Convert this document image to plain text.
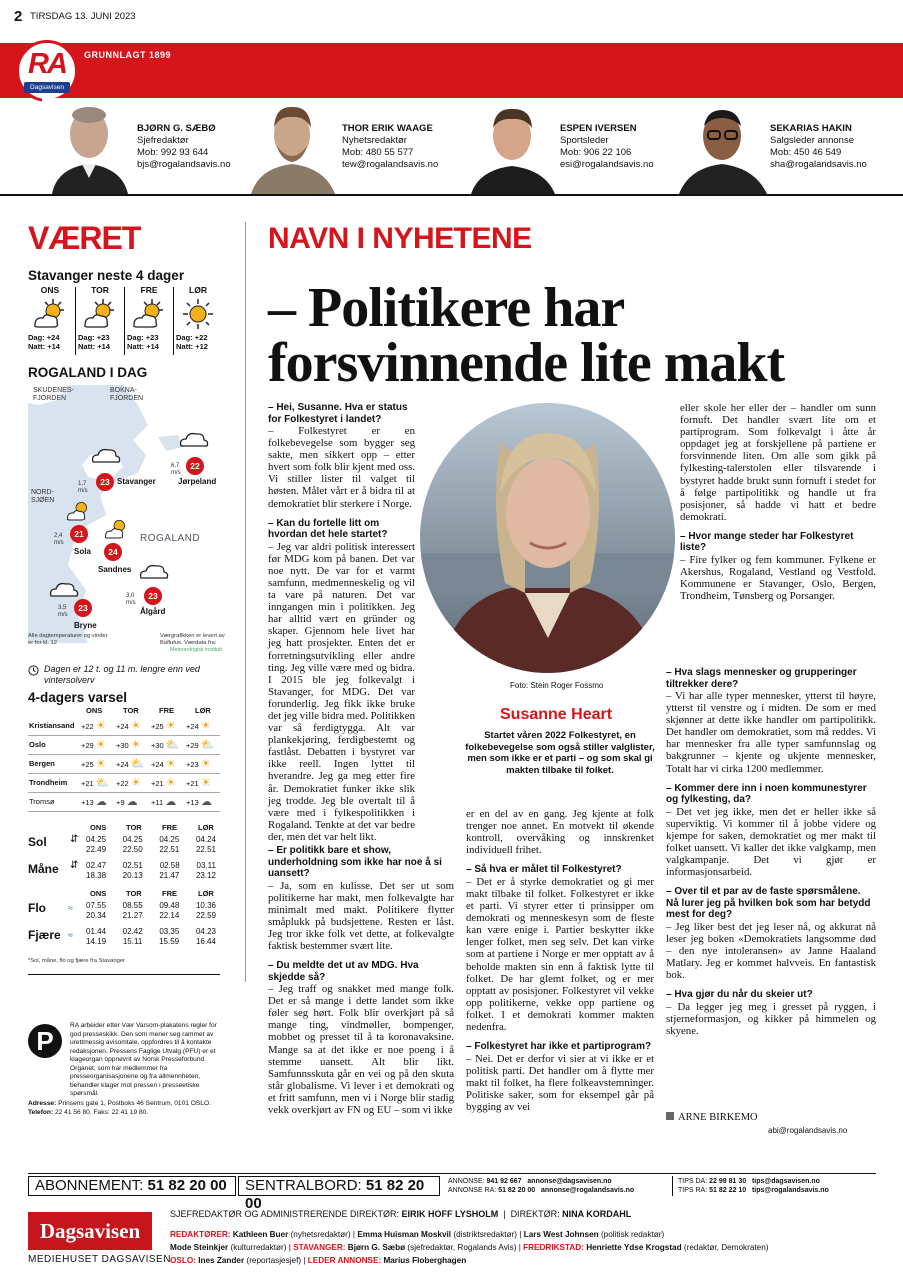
2 TIRSDAG 13. JUNI 2023
RA
Dagsavisen
GRUNNLAGT 1899
BJØRN G. SÆBØ
Sjefredaktør
Mob: 992 93 644
bjs@rogalandsavis.no
THOR ERIK WAAGE
Nyhetsredaktør
Mob: 480 55 577
tew@rogalandsavis.no
ESPEN IVERSEN
Sportsleder
Mob: 906 22 106
esi@rogalandsavis.no
SEKARIAS HAKIN
Salgsleder annonse
Mob: 450 46 549
sha@rogalandsavis.no
VÆRET
Stavanger neste 4 dager
ONS
Dag: +24
Natt: +14
TOR
Dag: +23
Natt: +14
FRE
Dag: +23
Natt: +14
LØR
Dag: +22
Natt: +12
ROGALAND I DAG
SKUDENES-
FJORDEN
BOKNA-
FJORDEN
NORD-
SJØEN
ROGALAND
23 Stavanger
1,7 m/s
22
Jørpeland
6,7 m/s
21
Sola
2,4 m/s
24
Sandnes
23
Bryne
3,5 m/s
23
Ålgård
3,0 m/s
Alle dagtemperaturer og vinder er for kl. 12
Værgrafikken er levert av Baflufus. Værdata fra:
Meteorologisk institutt
Dagen er 12 t. og 11 m. lengre enn ved vintersolverv
4-dagers varsel
ONS	TOR	FRE	LØR
Kristiansand	+22 ☀	+24 ☀	+25 ☀	+24 ☀
Oslo	+29 ☀	+30 ☀	+30 ⛅	+29 ⛅
Bergen	+25 ☀	+24 ⛅	+24 ☀	+23 ☀
Trondheim	+21 ⛅	+22 ☀	+21 ☀	+21 ☀
Tromsø	+13 ☁	+9 ☁	+11 ☁	+13 ☁
ONS	TOR	FRE	LØR
Sol ⇵ 04.25 04.25 04.25 04.24
22.49 22.50 22.51 22.51
Måne ⇵ 02.47 02.51 02.58 03.11
18.38 20.13 21.47 23.12
ONS	TOR	FRE	LØR
Flo ≈ 07.55 08.55 09.48 10.36
20.34 21.27 22.14 22.59
Fjære ≈ 01.44 02.42 03.35 04.23
14.19 15.11 15.59 16.44
*Sol, måne, flo og fjære fra Stavanger
P
RA arbeider etter Vær Varsom-plakatens regler for god presseskikk. Den som mener seg rammet av urettmessig avisomtale, oppfordres til å kontakte redaksjonen. Pressens Faglige Utvalg (PFU) er et klageorgan oppnevnt av Norsk Presseforbund. Organet, som har medlemmer fra presseorganisasjonene og fra allmennheten, behandler klager mot pressen i presseetiske spørsmål.
Adresse: Prinsens gate 1, Postboks 46 Sentrum, 0101 OSLO. Telefon: 22 41 56 80. Faks: 22 41 19 80.
NAVN I NYHETENE
– Politikere har
forsvinnende lite makt
Foto: Stein Roger Fossmo
Susanne Heart
Startet våren 2022 Folkestyret, en folkebevegelse som også stiller valglister, men som ikke er et parti – og som skal gi makten tilbake til folket.

– Hei, Susanne. Hva er status for Folkestyret i landet?

– Folkestyret er en folkebevegelse som bygger seg sakte, men sikkert opp – etter hvert som folk blir kjent med oss. Vi stiller lister til valget til høsten. Målet vårt er å bidra til at demokratiet blir sterkere i Norge.

– Kan du fortelle litt om hvordan det hele startet?

– Jeg var aldri politisk interessert før MDG kom på banen. Det var noe nytt. De var for et varmt samfunn, medmenneskelig og vil ta vare på naturen. Det var inngangen min i politikken. Jeg har alltid vært en gründer og skaper. Gjennom hele livet har jeg hatt prosjekter. Enten det er forretningsutvikling eller andre ting. Jeg ville være med og bidra. I 2015 ble jeg folkevalgt i Stavanger, for MDG. Det var forunderlig. Jeg fikk ikke bruke det jeg ville bidra med. Politikken var så ferdigtygga. Alt var plankekjøring, ferdigbestemt og fastlåst. Debatten i bystyret var ikke reell. Ingen lyttet til hverandre. Jeg ga meg etter fire år. Demokratiet funker ikke slik jeg trodde. Jeg ble overtalt til å være med i fylkespolitikken i Rogaland. Tenkte at det var bedre der, men det var helt likt.

– Er politikk bare et show, underholdning som ikke har noe å si uansett?

– Ja, som en kulisse. Det ser ut som politikerne har makt, men folkevalgte har minimalt med makt. Politikere flytter småplukk på budsjettene. Resten er låst. Jeg tror ikke folk vet dette, at folkevalgte faktisk bestemmer svært lite.

– Du meldte det ut av MDG. Hva skjedde så?

– Jeg traff og snakket med mange folk. Det er så mange i dette landet som ikke føler seg hørt. Folk blir overkjørt på så mange ting, vindmøller, bompenger, mobbet og presset til å ta koronavaksine. Mange sa at det ikke er noe poeng i å stemme uansett. Alt blir likt. Samfunnsskuta går en vei og på den skuta står globalisme. Vi lever i et demokrati og et fritt samfunn, men vi i Norge blir stadig vekk overkjørt av FN og EU – som vi ikke

er en del av en gang. Jeg kjente at folk trenger noe annet. En motvekt til økende kontroll, overvåking og innskrenket individuell frihet.

– Så hva er målet til Folkestyret?

– Det er å styrke demokratiet og gi mer makt tilbake til folket. Folkestyret er ikke et parti. Vi styrer etter ti prinsipper om demokrati og menneskesyn som de fleste kan være enige i. Partier beskytter ikke lenger folket, men seg selv. Det kan virke som at partiene i Norge er mer opptatt av å beholde makten sin enn å faktisk lytte til folket. De har glemt folket, og er mer opptatt av posisjoner. Folkestyret vil vekke opp politikerne, vekke opp partiene og folket. I et demokrati kommer makten nedenfra.

– Folkestyret har ikke et partiprogram?

– Nei. Det er derfor vi sier at vi ikke er et politisk parti. Det handler om å flytte mer makt til folket, ha flere folkeavstemninger. Politiske saker, som for eksempel går på bygging av vei

eller skole her eller der – handler om sunn fornuft. Det handler svært lite om et partiprogram. Som folkevalgt i åtte år oppdaget jeg at forskjellene på partiene er forsvinnende liten. Om alle som gikk på fylkesting-talerstolen eller tilsvarende i bystyret hadde brukt sunn fornuft i stedet for å følge partipolitikk og handle ut fra posisjoner, så hadde vi hatt et bedre demokrati.

– Hvor mange steder har Folkestyret liste?

– Fire fylker og fem kommuner. Fylkene er Akershus, Rogaland, Vestland og Vestfold. Kommunene er Stavanger, Oslo, Bergen, Trondheim, Tønsberg og Porsanger.

– Hva slags mennesker og grupperinger tiltrekker dere?

– Vi har alle typer mennesker, ytterst til høyre, ytterst til venstre og i midten. De som er med skjønner at dette ikke handler om partipolitikk. Det handler om demokratiet, som må reddes. Vi har mennesker fra alle typer samfunnslag og bakgrunner – kjente og ukjente mennesker, Totalt har vi cirka 1200 medlemmer.

– Kommer dere inn i noen kommunestyrer og fylkesting, da?

– Det vet jeg ikke, men det er heller ikke så superviktig. Vi kommer til å jobbe videre og kjempe for saken, demokratiet og mer makt til folket uansett. Vi kaller det ikke valgkamp, men valgkampanje. Det vi gjør er informasjonsarbeid.

– Over til et par av de faste spørsmålene. Nå lurer jeg på hvilken bok som har betydd mest for deg?

– Jeg liker best det jeg leser nå, og akkurat nå leser jeg boken «Demokratiets langsomme død – den nye intoleransen» av Janne Haaland Matlary. Jeg er kommet halvveis. En fantastisk bok.

– Hva gjør du når du skeier ut?

– Da legger jeg meg i gresset på ryggen, i stjerneformasjon, og kikker på himmelen og skyene.

ARNE BIRKEMO
abi@rogalandsavis.no
ABONNEMENT: 51 82 20 00	SENTRALBORD: 51 82 20 00
ANNONSE: 941 92 667 annonse@dagsavisen.no
ANNONSE RA: 51 82 20 00 annonse@rogalandsavis.no
TIPS DA: 22 99 81 30 tips@dagsavisen.no
TIPS RA: 51 82 22 10 tips@rogalandsavis.no
Dagsavisen
MEDIEHUSET DAGSAVISEN
SJEFREDAKTØR OG ADMINISTRERENDE DIREKTØR: EIRIK HOFF LYSHOLM  |  DIREKTØR: NINA KORDAHL
REDAKTØRER: Kathleen Buer (nyhetsredaktør) | Emma Huisman Moskvil (distriktsredaktør) | Lars West Johnsen (politisk redaktør)
Mode Steinkjer (kulturredaktør) | STAVANGER: Bjørn G. Sæbø (sjefredaktør, Rogalands Avis) | FREDRIKSTAD: Henriette Ydse Krogstad (redaktør, Demokraten)
OSLO: Ines Zander (reportasjesjef) | LEDER ANNONSE: Marius Floberghagen
